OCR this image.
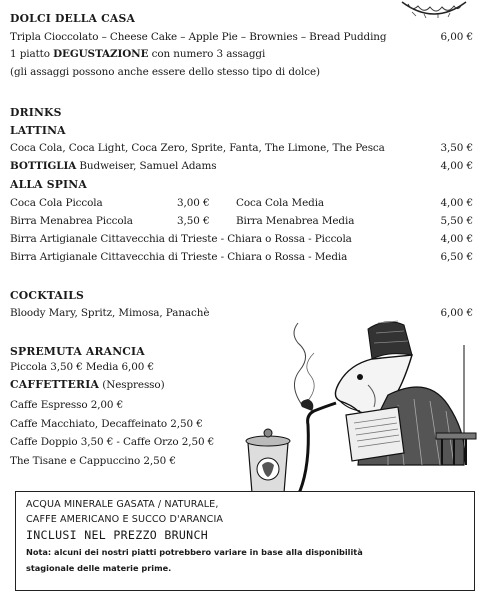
DOLCI DELLA CASA
Tripla Cioccolato – Cheese Cake – Apple Pie – Brownies – Bread Pudding	6,00 €
1 piatto DEGUSTAZIONE con numero 3 assaggi
(gli assaggi possono anche essere dello stesso tipo di dolce)
DRINKS
LATTINA
Coca Cola, Coca Light, Coca Zero, Sprite, Fanta, The Limone, The Pesca	3,50 €
BOTTIGLIA Budweiser, Samuel Adams	4,00 €
ALLA SPINA
Coca Cola Piccola	3,00 €	Coca Cola Media	4,00 €
Birra Menabrea Piccola	3,50 €	Birra Menabrea Media	5,50 €
Birra Artigianale Cittavecchia di Trieste - Chiara o Rossa - Piccola	4,00 €
Birra Artigianale Cittavecchia di Trieste - Chiara o Rossa - Media	6,50 €
COCKTAILS
Bloody Mary, Spritz, Mimosa, Panachè	6,00 €
SPREMUTA ARANCIA
Piccola 3,50 € Media 6,00 €
CAFFETTERIA (Nespresso)
Caffe Espresso 2,00 €
Caffe Macchiato, Decaffeinato 2,50 €
Caffe Doppio 3,50 € - Caffe Orzo 2,50 €
The Tisane e Cappuccino 2,50 €
ACQUA MINERALE GASATA / NATURALE,
CAFFE AMERICANO E SUCCO D'ARANCIA
INCLUSI NEL PREZZO BRUNCH
Nota: alcuni dei nostri piatti potrebbero variare in base alla disponibilità
stagionale delle materie prime.
